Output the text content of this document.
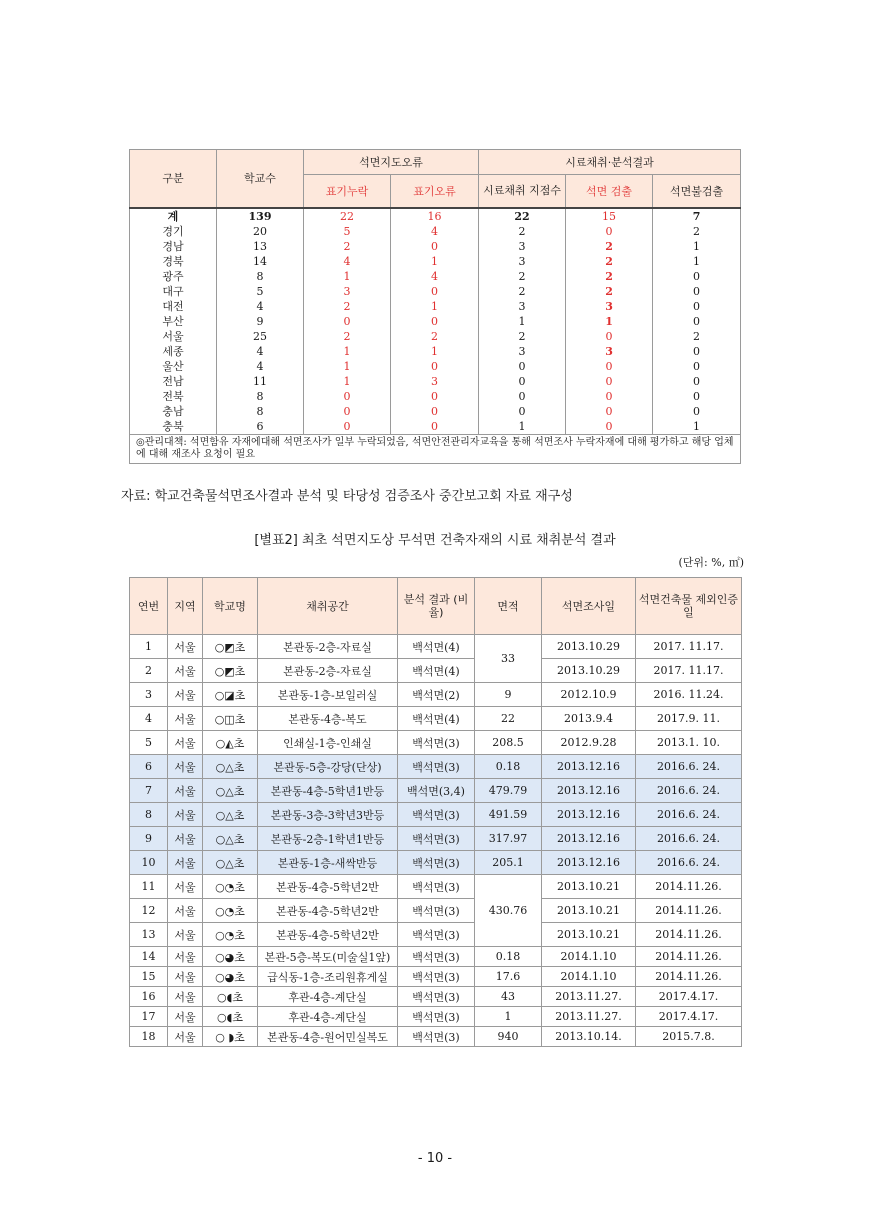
구분	학교수	석면지도오류		시료채취·분석결과		
		표기누락	표기오류	시료채취 지점수	석면 검출	석면불검출
계	139	22	16	22	15	7
경기	20	5	4	2	0	2
경남	13	2	0	3	2	1
경북	14	4	1	3	2	1
광주	8	1	4	2	2	0
대구	5	3	0	2	2	0
대전	4	2	1	3	3	0
부산	9	0	0	1	1	0
서울	25	2	2	2	0	2
세종	4	1	1	3	3	0
울산	4	1	0	0	0	0
전남	11	1	3	0	0	0
전북	8	0	0	0	0	0
충남	8	0	0	0	0	0
충북	6	0	0	1	0	1
◎관리대책: 석면함유 자재에대해 석면조사가 일부 누락되었음, 석면안전관리자교육을 통해 석면조사 누락자재에 대해 평가하고 해당 업체에 대해 재조사 요청이 필요						
자료: 학교건축물석면조사결과 분석 및 타당성 검증조사 중간보고회 자료 재구성
[별표2] 최초 석면지도상 무석면 건축자재의 시료 채취분석 결과
(단위: %, ㎡)
연번	지역	학교명	채취공간	분석 결과 (비율)	면적	석면조사일	석면건축물 제외인증일
1	서울	○◩초	본관동-2층-자료실	백석면(4)	33	2013.10.29	2017. 11.17.
2	서울	○◩초	본관동-2층-자료실	백석면(4)		2013.10.29	2017. 11.17.
3	서울	○◪초	본관동-1층-보일러실	백석면(2)	9	2012.10.9	2016. 11.24.
4	서울	○◫초	본관동-4층-복도	백석면(4)	22	2013.9.4	2017.9. 11.
5	서울	○◭초	인쇄실-1층-인쇄실	백석면(3)	208.5	2012.9.28	2013.1. 10.
6	서울	○△초	본관동-5층-강당(단상)	백석면(3)	0.18	2013.12.16	2016.6. 24.
7	서울	○△초	본관동-4층-5학년1반등	백석면(3,4)	479.79	2013.12.16	2016.6. 24.
8	서울	○△초	본관동-3층-3학년3반등	백석면(3)	491.59	2013.12.16	2016.6. 24.
9	서울	○△초	본관동-2층-1학년1반등	백석면(3)	317.97	2013.12.16	2016.6. 24.
10	서울	○△초	본관동-1층-새싹반등	백석면(3)	205.1	2013.12.16	2016.6. 24.
11	서울	○◔초	본관동-4층-5학년2반	백석면(3)	430.76	2013.10.21	2014.11.26.
12	서울	○◔초	본관동-4층-5학년2반	백석면(3)		2013.10.21	2014.11.26.
13	서울	○◔초	본관동-4층-5학년2반	백석면(3)		2013.10.21	2014.11.26.
14	서울	○◕초	본관-5층-복도(미술실1앞)	백석면(3)	0.18	2014.1.10	2014.11.26.
15	서울	○◕초	급식동-1층-조리원휴게실	백석면(3)	17.6	2014.1.10	2014.11.26.
16	서울	○◖초	후관-4층-계단실	백석면(3)	43	2013.11.27.	2017.4.17.
17	서울	○◖초	후관-4층-계단실	백석면(3)	1	2013.11.27.	2017.4.17.
18	서울	○ ◗초	본관동-4층-원어민실복도	백석면(3)	940	2013.10.14.	2015.7.8.
- 10 -
